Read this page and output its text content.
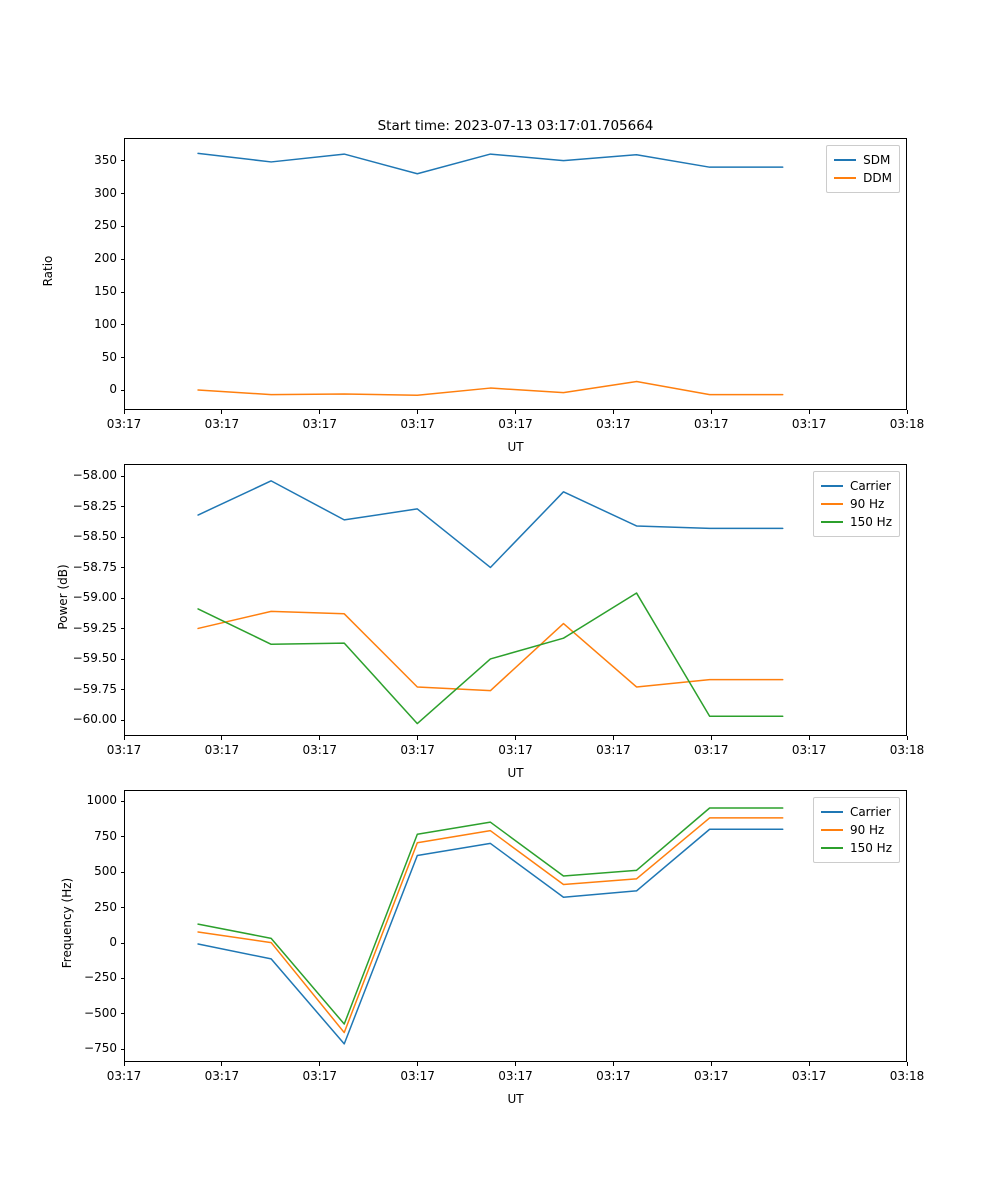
SDM
DDM
Start time: 2023-07-13 03:17:01.705664
Ratio
UT
Carrier
90 Hz
150 Hz
Power (dB)
UT
Carrier
90 Hz
150 Hz
Frequency (Hz)
UT
03:17	03:17	03:17	03:17	03:17	03:17	03:17	03:17	03:18
0
50
100
150
200
250
300
350
03:17	03:17	03:17	03:17	03:17	03:17	03:17	03:17	03:18
−60.00
−59.75
−59.50
−59.25
−59.00
−58.75
−58.50
−58.25
−58.00
03:17	03:17	03:17	03:17	03:17	03:17	03:17	03:17	03:18
−750
−500
−250
0
250
500
750
1000
